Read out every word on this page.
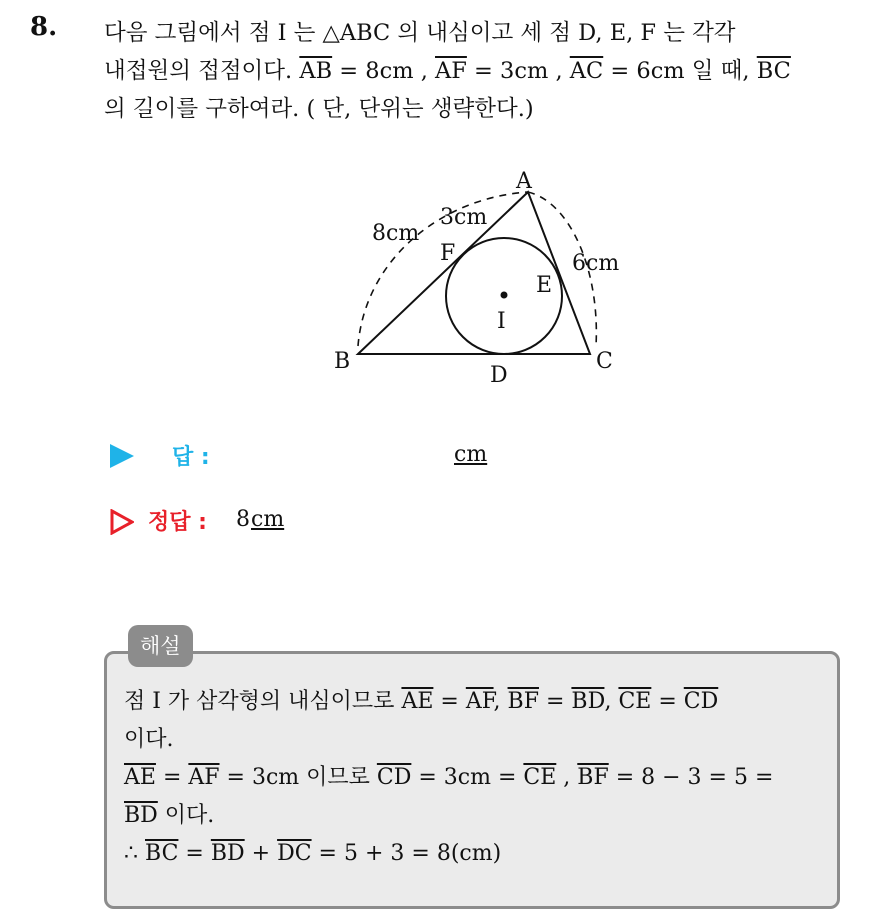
8. 다음 그림에서 점 I 는 △ABC 의 내심이고 세 점 D, E, F 는 각각
내접원의 접점이다. $\overline{AB} = 8cm$ , $\overline{AF} = 3cm$ , $\overline{AC} = 6cm$ 일 때, $\overline{BC}$
의 길이를 구하여라. ( 단, 단위는 생략한다.)
A
B	C
D
E
F
I
8cm
3cm
6cm
답 :	cm
정답 : 8 cm
해설
점 I 가 삼각형의 내심이므로 $\overline{AE} = \overline{AF}$, $\overline{BF} = \overline{BD}$, $\overline{CE} = \overline{CD}$
이다.
$\overline{AE} = \overline{AF} = 3cm$ 이므로 $\overline{CD} = 3cm = \overline{CE}$ , $\overline{BF} = 8 - 3 = 5$ =
$\overline{BD}$ 이다.
∴ $\overline{BC} = \overline{BD} + \overline{DC} = 5 + 3 = 8(cm)$
